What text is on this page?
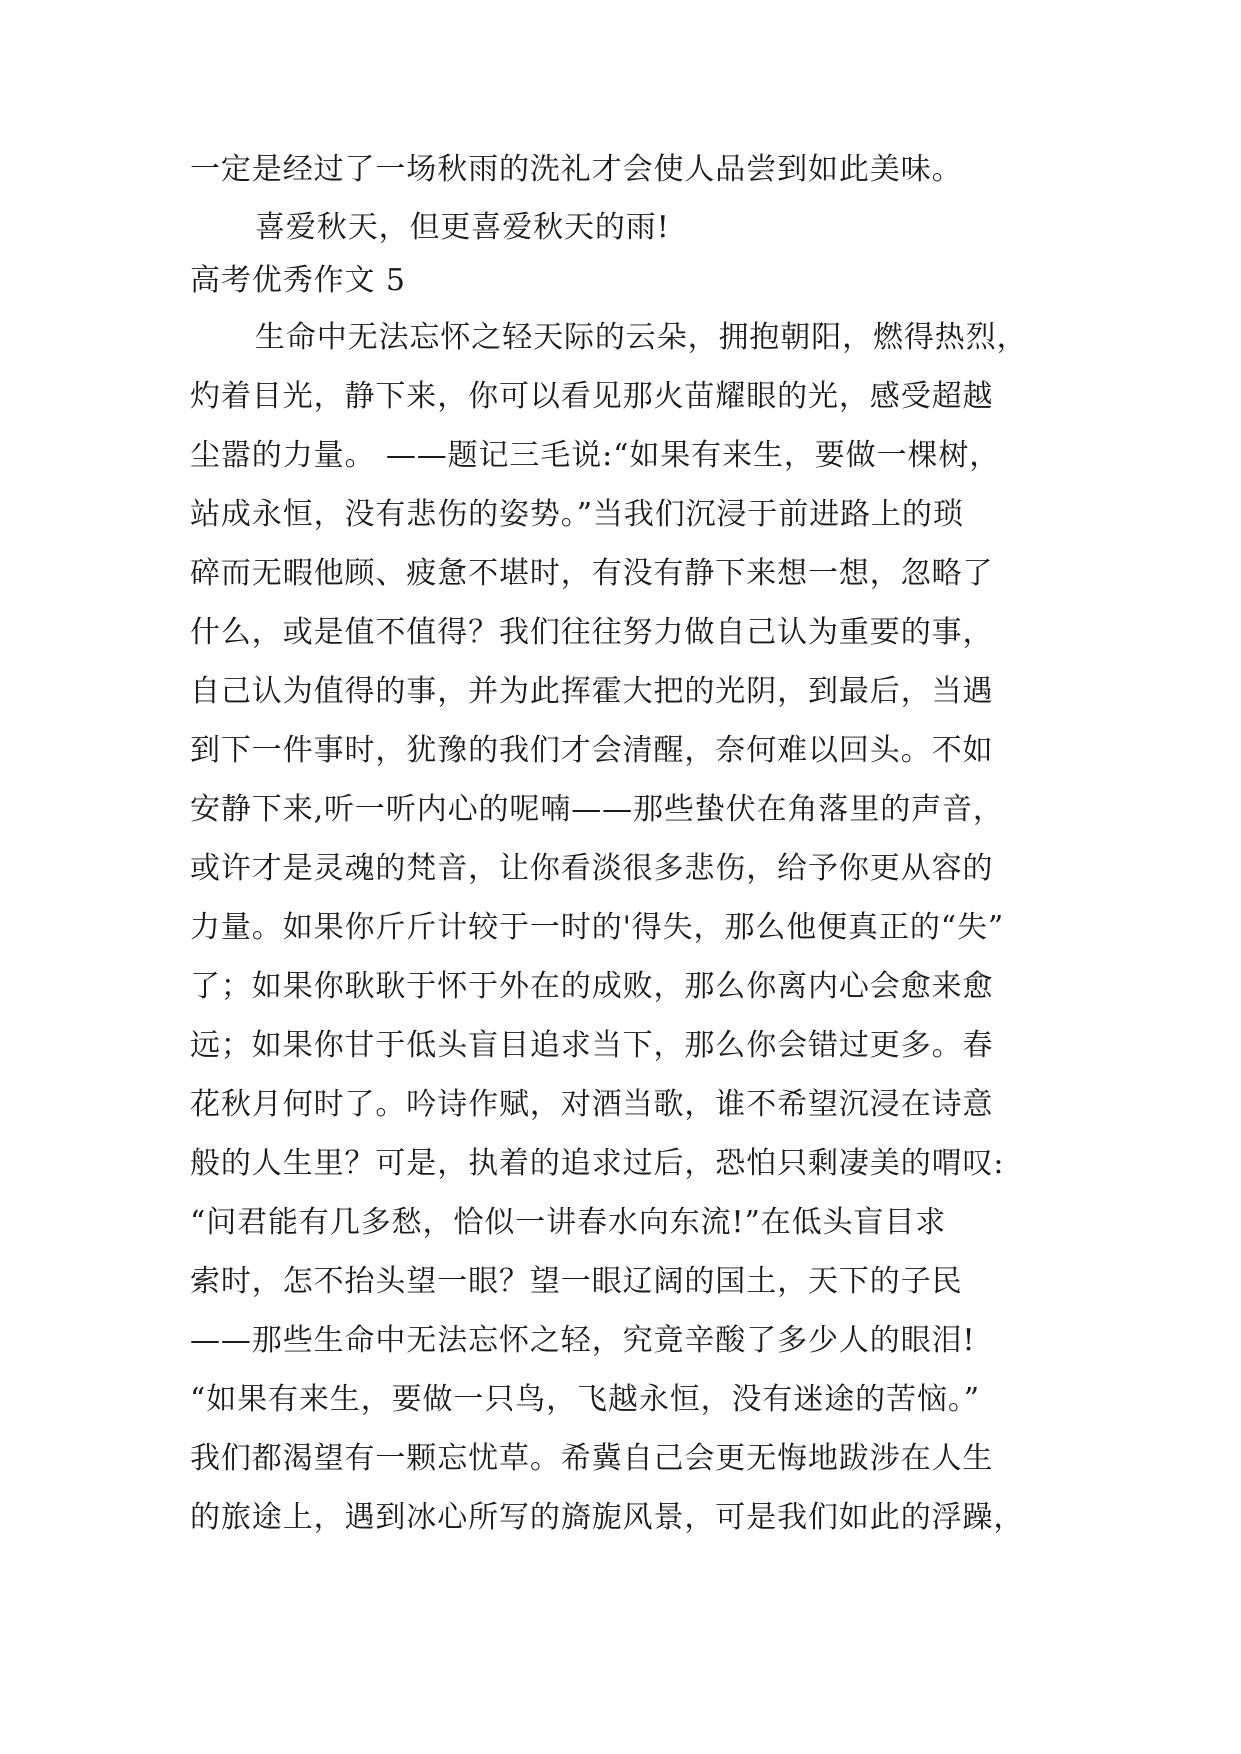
一定是经过了一场秋雨的洗礼才会使人品尝到如此美味。
喜爱秋天，但更喜爱秋天的雨!
高考优秀作文 5
生命中无法忘怀之轻天际的云朵，拥抱朝阳，燃得热烈，
灼着目光，静下来，你可以看见那火苗耀眼的光，感受超越
尘嚣的力量。 ——题记三毛说:“如果有来生，要做一棵树，
站成永恒，没有悲伤的姿势。”当我们沉浸于前进路上的琐
碎而无暇他顾、疲惫不堪时，有没有静下来想一想，忽略了
什么，或是值不值得？我们往往努力做自己认为重要的事，
自己认为值得的事，并为此挥霍大把的光阴，到最后，当遇
到下一件事时，犹豫的我们才会清醒，奈何难以回头。不如
安静下来,听一听内心的呢喃——那些蛰伏在角落里的声音，
或许才是灵魂的梵音，让你看淡很多悲伤，给予你更从容的
力量。如果你斤斤计较于一时的'得失，那么他便真正的“失”
了；如果你耿耿于怀于外在的成败，那么你离内心会愈来愈
远；如果你甘于低头盲目追求当下，那么你会错过更多。春
花秋月何时了。吟诗作赋，对酒当歌，谁不希望沉浸在诗意
般的人生里？可是，执着的追求过后，恐怕只剩凄美的喟叹:
“问君能有几多愁，恰似一讲春水向东流!”在低头盲目求
索时，怎不抬头望一眼？望一眼辽阔的国土，天下的子民
——那些生命中无法忘怀之轻，究竟辛酸了多少人的眼泪!
“如果有来生，要做一只鸟，飞越永恒，没有迷途的苦恼。”
我们都渴望有一颗忘忧草。希冀自己会更无悔地跋涉在人生
的旅途上，遇到冰心所写的旖旎风景，可是我们如此的浮躁，
